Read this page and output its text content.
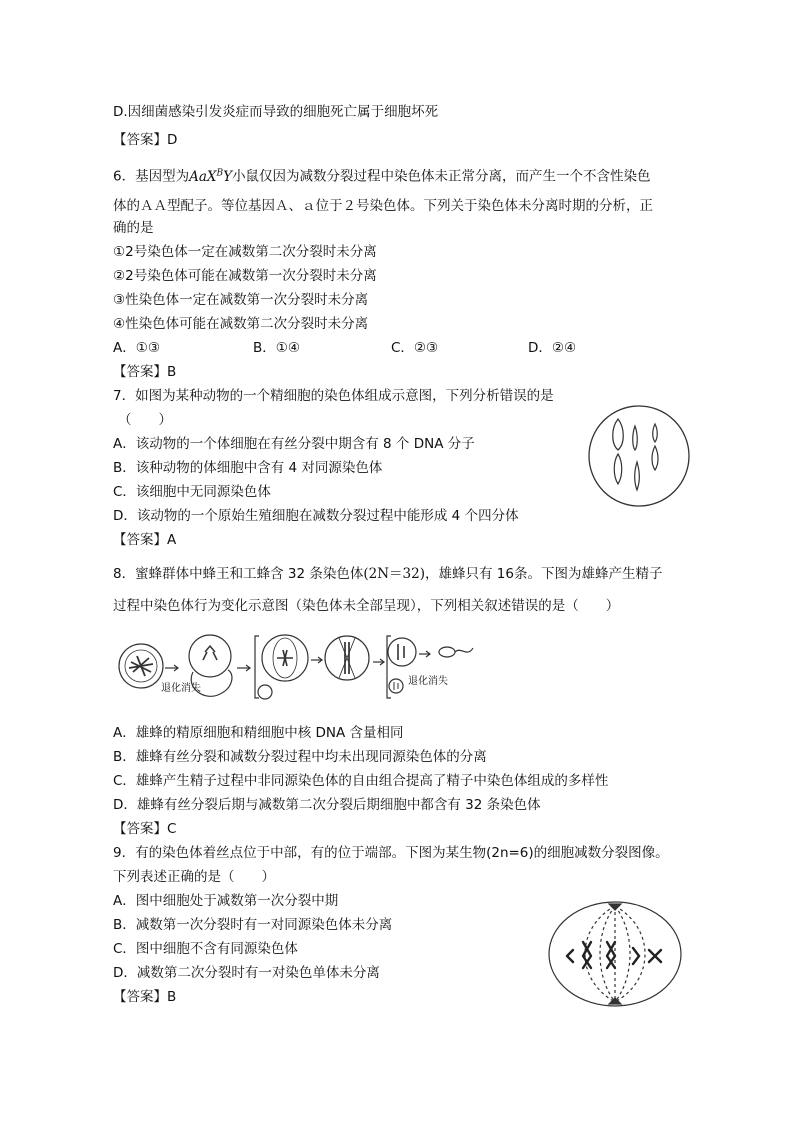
D.因细菌感染引发炎症而导致的细胞死亡属于细胞坏死
【答案】D
6．基因型为AaX$^B$Y小鼠仅因为减数分裂过程中染色体未正常分离，而产生一个不含性染色
体的ＡＡ型配子。等位基因Ａ、ａ位于２号染色体。下列关于染色体未分离时期的分析，正
确的是
①2号染色体一定在减数第二次分裂时未分离
②2号染色体可能在减数第一次分裂时未分离
③性染色体一定在减数第一次分裂时未分离
④性染色体可能在减数第二次分裂时未分离
A．①③	B．①④	C．②③	D．②④
【答案】B
7．如图为某种动物的一个精细胞的染色体组成示意图，下列分析错误的是
（　　）
A．该动物的一个体细胞在有丝分裂中期含有 8 个 DNA 分子
B．该种动物的体细胞中含有 4 对同源染色体
C．该细胞中无同源染色体
D．该动物的一个原始生殖细胞在减数分裂过程中能形成 4 个四分体
【答案】A
8．蜜蜂群体中蜂王和工蜂含 32 条染色体(2N＝32)，雄蜂只有 16条。下图为雄蜂产生精子
过程中染色体行为变化示意图（染色体未全部呈现），下列相关叙述错误的是（　　）
退化消失
退化消失
A．雄蜂的精原细胞和精细胞中核 DNA 含量相同
B．雄蜂有丝分裂和减数分裂过程中均未出现同源染色体的分离
C．雄蜂产生精子过程中非同源染色体的自由组合提高了精子中染色体组成的多样性
D．雄蜂有丝分裂后期与减数第二次分裂后期细胞中都含有 32 条染色体
【答案】C
9．有的染色体着丝点位于中部，有的位于端部。下图为某生物(2n=6)的细胞减数分裂图像。
下列表述正确的是（　　）
A．图中细胞处于减数第一次分裂中期
B．减数第一次分裂时有一对同源染色体未分离
C．图中细胞不含有同源染色体
D．减数第二次分裂时有一对染色单体未分离
【答案】B
